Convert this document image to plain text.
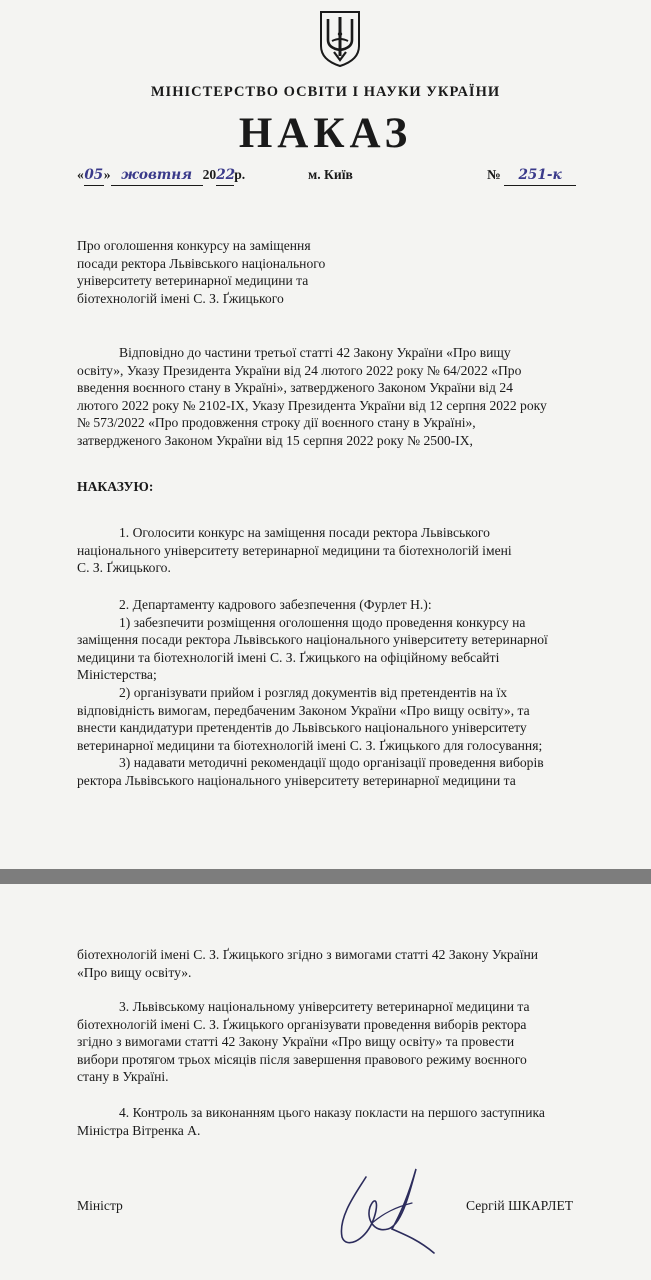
МІНІСТЕРСТВО ОСВІТИ І НАУКИ УКРАЇНИ
НАКАЗ
«05» жовтня 2022р.	м. Київ	№ 251-к
Про оголошення конкурсу на заміщення
посади ректора Львівського національного
університету ветеринарної медицини та
біотехнологій імені С. З. Ґжицького
Відповідно до частини третьої статті 42 Закону України «Про вищу
освіту», Указу Президента України від 24 лютого 2022 року № 64/2022 «Про
введення воєнного стану в Україні», затвердженого Законом України від 24
лютого 2022 року № 2102-IX, Указу Президента України від 12 серпня 2022 року
№ 573/2022 «Про продовження строку дії воєнного стану в Україні»,
затвердженого Законом України від 15 серпня 2022 року № 2500-IX,
НАКАЗУЮ:
1. Оголосити конкурс на заміщення посади ректора Львівського
національного університету ветеринарної медицини та біотехнологій імені
С. З. Ґжицького.
2. Департаменту кадрового забезпечення (Фурлет Н.):
1) забезпечити розміщення оголошення щодо проведення конкурсу на
заміщення посади ректора Львівського національного університету ветеринарної
медицини та біотехнологій імені С. З. Ґжицького на офіційному вебсайті
Міністерства;
2) організувати прийом і розгляд документів від претендентів на їх
відповідність вимогам, передбаченим Законом України «Про вищу освіту», та
внести кандидатури претендентів до Львівського національного університету
ветеринарної медицини та біотехнологій імені С. З. Ґжицького для голосування;
3) надавати методичні рекомендації щодо організації проведення виборів
ректора Львівського національного університету ветеринарної медицини та
біотехнологій імені С. З. Ґжицького згідно з вимогами статті 42 Закону України
«Про вищу освіту».
3. Львівському національному університету ветеринарної медицини та
біотехнологій імені С. З. Ґжицького організувати проведення виборів ректора
згідно з вимогами статті 42 Закону України «Про вищу освіту» та провести
вибори протягом трьох місяців після завершення правового режиму воєнного
стану в Україні.
4. Контроль за виконанням цього наказу покласти на першого заступника
Міністра Вітренка А.
Міністр	Сергій ШКАРЛЕТ
